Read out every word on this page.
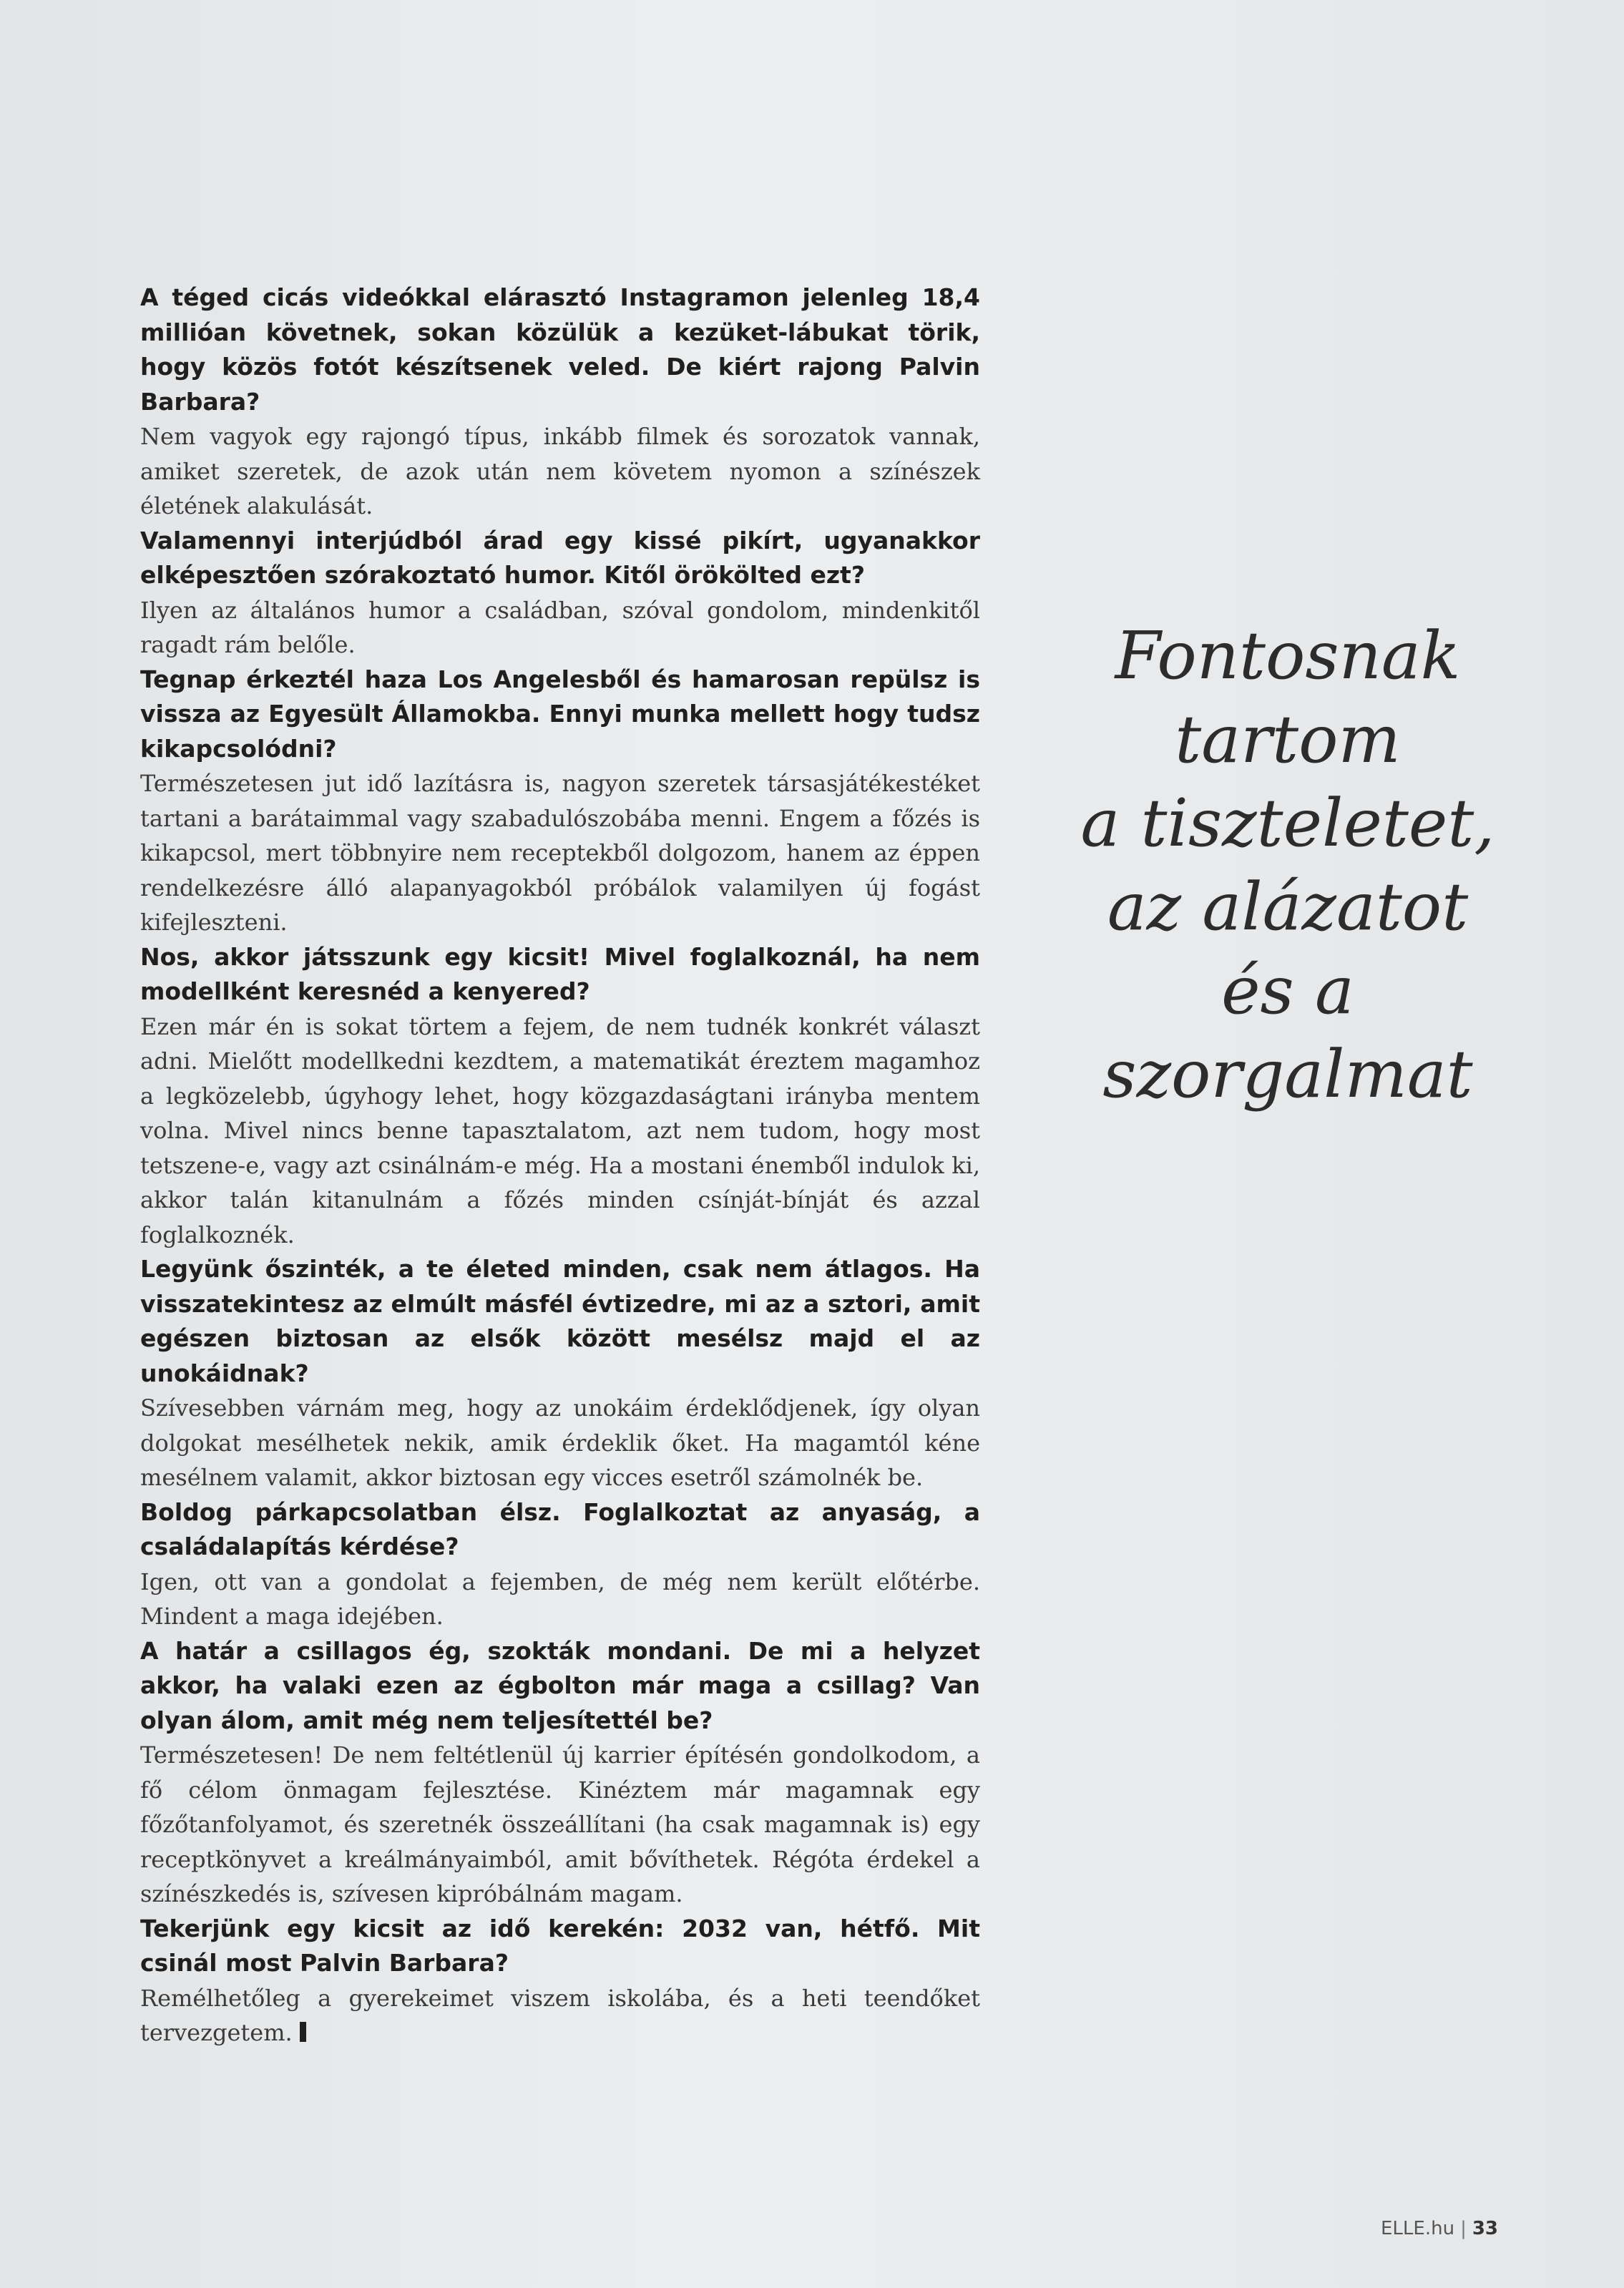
A téged cicás videókkal elárasztó Instagramon jelenleg 18,4 millióan követnek, sokan közülük a kezüket-lábukat törik, hogy közös fotót készítsenek veled. De kiért rajong Palvin Barbara?

Nem vagyok egy rajongó típus, inkább filmek és sorozatok vannak, amiket szeretek, de azok után nem követem nyomon a színészek életének alakulását.

Valamennyi interjúdból árad egy kissé pikírt, ugyanakkor elképesztően szórakoztató humor. Kitől örökölted ezt?

Ilyen az általános humor a családban, szóval gondolom, mindenkitől ragadt rám belőle.

Tegnap érkeztél haza Los Angelesből és hamarosan repülsz is vissza az Egyesült Államokba. Ennyi munka mellett hogy tudsz kikapcsolódni?

Természetesen jut idő lazításra is, nagyon szeretek társasjátékestéket tartani a barátaimmal vagy szabadulószobába menni. Engem a főzés is kikapcsol, mert többnyire nem receptekből dolgozom, hanem az éppen rendelkezésre álló alapanyagokból próbálok valamilyen új fogást kifejleszteni.

Nos, akkor játsszunk egy kicsit! Mivel foglalkoznál, ha nem modellként keresnéd a kenyered?

Ezen már én is sokat törtem a fejem, de nem tudnék konkrét választ adni. Mielőtt modellkedni kezdtem, a matematikát éreztem magamhoz a legközelebb, úgyhogy lehet, hogy közgazdaságtani irányba mentem volna. Mivel nincs benne tapasztalatom, azt nem tudom, hogy most tetszene-e, vagy azt csinálnám-e még. Ha a mostani énemből indulok ki, akkor talán kitanulnám a főzés minden csínját-bínját és azzal foglalkoznék.

Legyünk őszinték, a te életed minden, csak nem átlagos. Ha visszatekintesz az elmúlt másfél évtizedre, mi az a sztori, amit egészen biztosan az elsők között mesélsz majd el az unokáidnak?

Szívesebben várnám meg, hogy az unokáim érdeklődjenek, így olyan dolgokat mesélhetek nekik, amik érdeklik őket. Ha magamtól kéne mesélnem valamit, akkor biztosan egy vicces esetről számolnék be.

Boldog párkapcsolatban élsz. Foglalkoztat az anyaság, a családalapítás kérdése?

Igen, ott van a gondolat a fejemben, de még nem került előtérbe. Mindent a maga idejében.

A határ a csillagos ég, szokták mondani. De mi a helyzet akkor, ha valaki ezen az égbolton már maga a csillag? Van olyan álom, amit még nem teljesítettél be?

Természetesen! De nem feltétlenül új karrier építésén gondolkodom, a fő célom önmagam fejlesztése. Kinéztem már magamnak egy főzőtanfolyamot, és szeretnék összeállítani (ha csak magamnak is) egy receptkönyvet a kreálmányaimból, amit bővíthetek. Régóta érdekel a színészkedés is, szívesen kipróbálnám magam.

Tekerjünk egy kicsit az idő kerekén: 2032 van, hétfő. Mit csinál most Palvin Barbara?

Remélhetőleg a gyerekeimet viszem iskolába, és a heti teendőket tervezgetem.

Fontosnak
tartom
a tiszteletet,
az alázatot
és a
szorgalmat
ELLE.hu | 33
